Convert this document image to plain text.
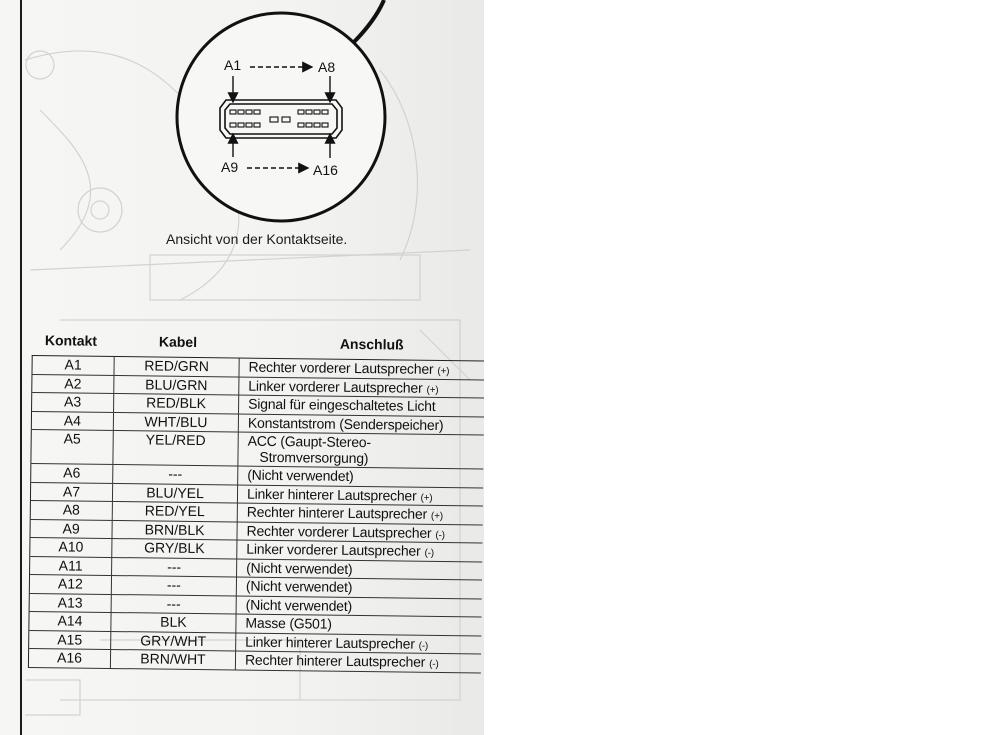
A1	A8
A9	A16
Ansicht von der Kontaktseite.
Kontakt	Kabel	Anschluß
A1	RED/GRN	Rechter vorderer Lautsprecher (+)
A2	BLU/GRN	Linker vorderer Lautsprecher (+)
A3	RED/BLK	Signal für eingeschaltetes Licht
A4	WHT/BLU	Konstantstrom (Senderspeicher)
A5	YEL/RED	ACC (Gaupt-Stereo-
Stromversorgung)
A6	---	(Nicht verwendet)
A7	BLU/YEL	Linker hinterer Lautsprecher (+)
A8	RED/YEL	Rechter hinterer Lautsprecher (+)
A9	BRN/BLK	Rechter vorderer Lautsprecher (-)
A10	GRY/BLK	Linker vorderer Lautsprecher (-)
A11	---	(Nicht verwendet)
A12	---	(Nicht verwendet)
A13	---	(Nicht verwendet)
A14	BLK	Masse (G501)
A15	GRY/WHT	Linker hinterer Lautsprecher (-)
A16	BRN/WHT	Rechter hinterer Lautsprecher (-)
